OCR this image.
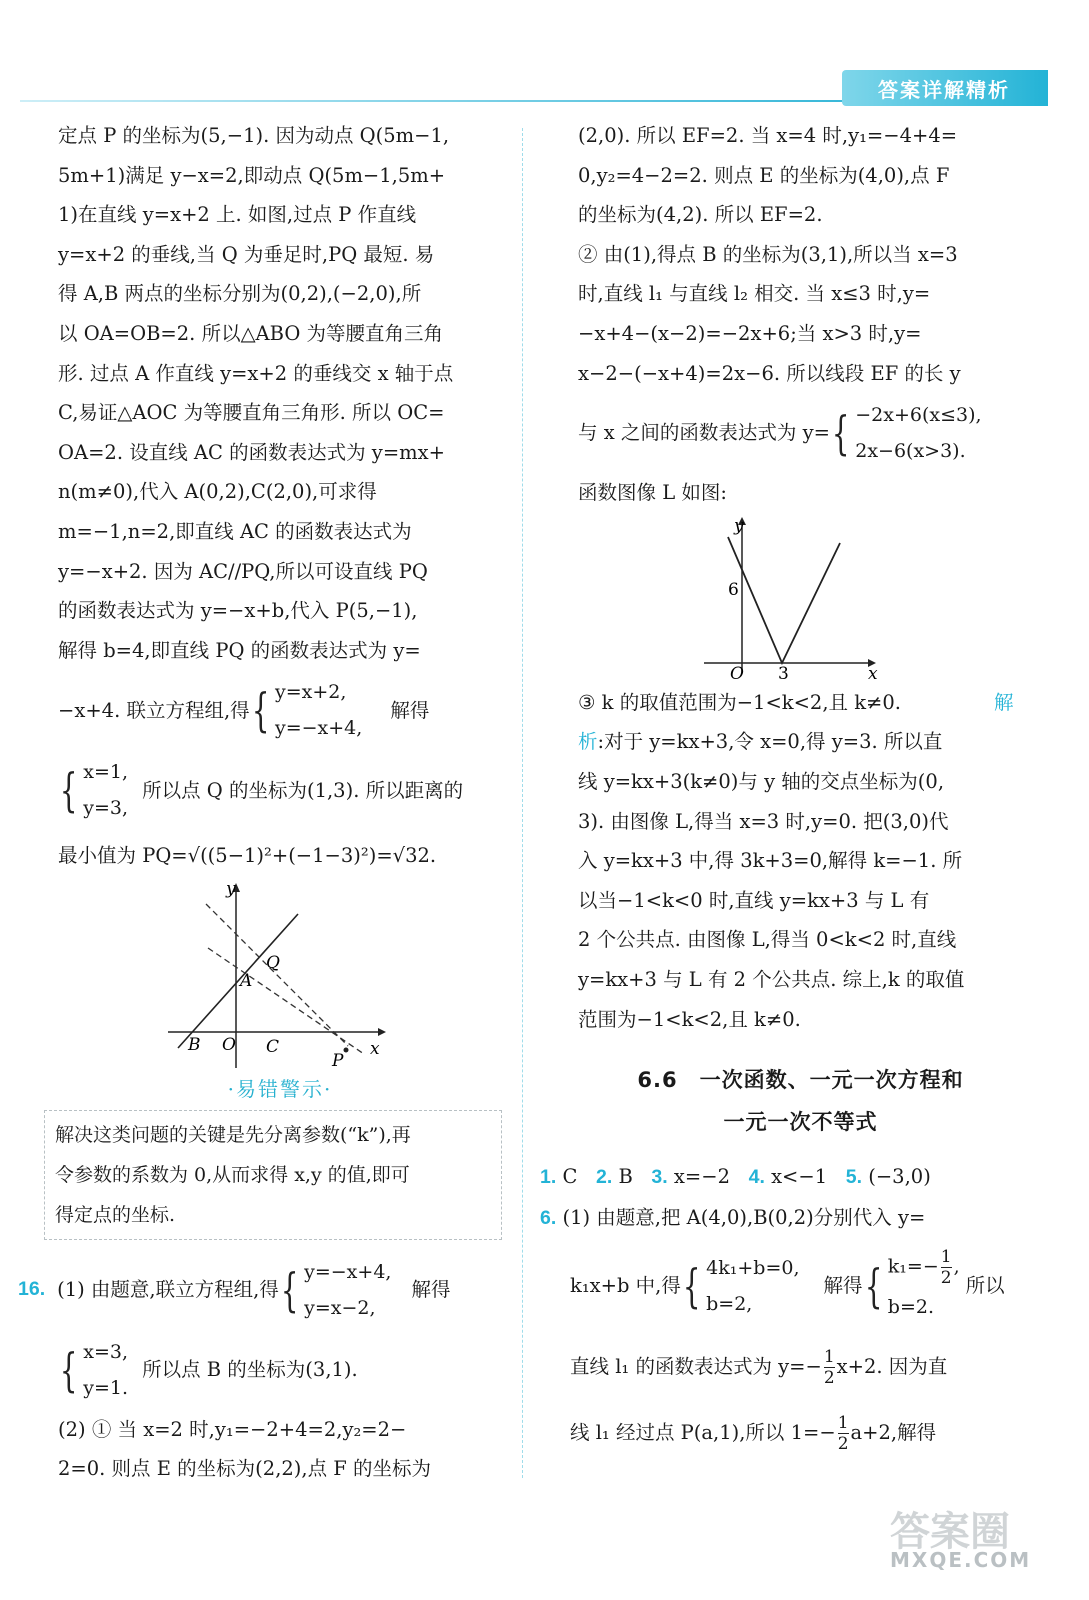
答案详解精析

定点 P 的坐标为(5,−1). 因为动点 Q(5m−1,

5m+1)满足 y−x=2,即动点 Q(5m−1,5m+

1)在直线 y=x+2 上. 如图,过点 P 作直线

y=x+2 的垂线,当 Q 为垂足时,PQ 最短. 易

得 A,B 两点的坐标分别为(0,2),(−2,0),所

以 OA=OB=2. 所以△ABO 为等腰直角三角

形. 过点 A 作直线 y=x+2 的垂线交 x 轴于点

C,易证△AOC 为等腰直角三角形. 所以 OC=

OA=2. 设直线 AC 的函数表达式为 y=mx+

n(m≠0),代入 A(0,2),C(2,0),可求得

m=−1,n=2,即直线 AC 的函数表达式为

y=−x+2. 因为 AC//PQ,所以可设直线 PQ

的函数表达式为 y=−x+b,代入 P(5,−1),

解得 b=4,即直线 PQ 的函数表达式为 y=

−x+4. 联立方程组,得 { y=x+2,
y=−x+4,
解得

{ x=1,
y=3,
所以点 Q 的坐标为(1,3). 所以距离的

最小值为 PQ=√((5−1)²+(−1−3)²)=√32.

y
x
O
A
B	C
Q
P

·易错警示·

解决这类问题的关键是先分离参数(“k”),再

令参数的系数为 0,从而求得 x,y 的值,即可

得定点的坐标.

16. (1) 由题意,联立方程组,得 { y=−x+4,
y=x−2,
解得

{ x=3,
y=1.
所以点 B 的坐标为(3,1).

(2) ① 当 x=2 时,y₁=−2+4=2,y₂=2−

2=0. 则点 E 的坐标为(2,2),点 F 的坐标为

(2,0). 所以 EF=2. 当 x=4 时,y₁=−4+4=

0,y₂=4−2=2. 则点 E 的坐标为(4,0),点 F

的坐标为(4,2). 所以 EF=2.

② 由(1),得点 B 的坐标为(3,1),所以当 x=3

时,直线 l₁ 与直线 l₂ 相交. 当 x≤3 时,y=

−x+4−(x−2)=−2x+6;当 x>3 时,y=

x−2−(−x+4)=2x−6. 所以线段 EF 的长 y

与 x 之间的函数表达式为 y= { −2x+6(x≤3),
2x−6(x>3).

函数图像 L 如图:

y
x
O
6
3

③ k 的取值范围为−1<k<2,且 k≠0.	解

析:对于 y=kx+3,令 x=0,得 y=3. 所以直

线 y=kx+3(k≠0)与 y 轴的交点坐标为(0,

3). 由图像 L,得当 x=3 时,y=0. 把(3,0)代

入 y=kx+3 中,得 3k+3=0,解得 k=−1. 所

以当−1<k<0 时,直线 y=kx+3 与 L 有

2 个公共点. 由图像 L,得当 0<k<2 时,直线

y=kx+3 与 L 有 2 个公共点. 综上,k 的取值

范围为−1<k<2,且 k≠0.

6.6　一次函数、一元一次方程和
一元一次不等式

1. C 2. B 3. x=−2 4. x<−1 5. (−3,0)

6. (1) 由题意,把 A(4,0),B(0,2)分别代入 y=

k₁x+b 中,得 { 4k₁+b=0,
b=2,
解得 { $k_1=- \frac{1}{2}$ ,
b=2.
所以

直线 l₁ 的函数表达式为 $y=- \frac{1}{2} x+2$. 因为直

线 l₁ 经过点 P(a,1),所以 $1=- \frac{1}{2} a+2$,解得

答案圈
MXQE.COM
